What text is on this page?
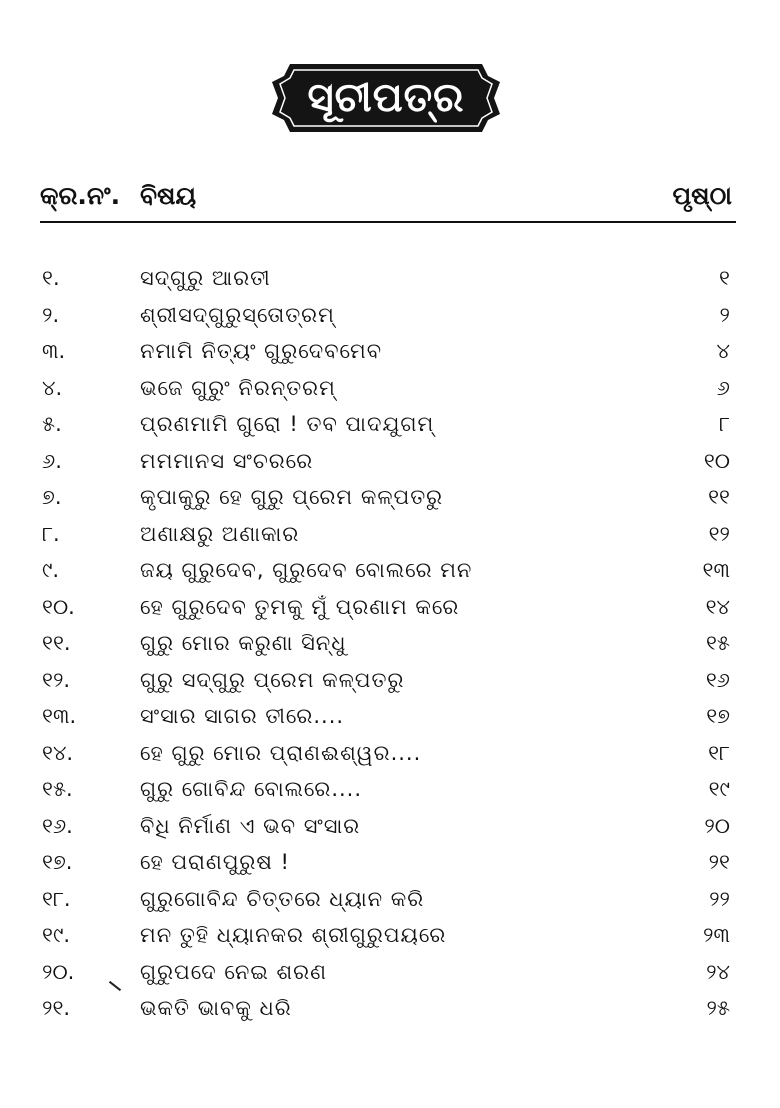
ସୂଚୀପତ୍ର
କ୍ର.ନଂ. ବିଷୟ	ପୃଷ୍ଠା
୧.	ସଦ୍‌ଗୁରୁ ଆରତୀ	୧
୨.	ଶ୍ରୀସଦ୍‌ଗୁରୁସ୍ତୋତ୍ରମ୍	୨
୩.	ନମାମି ନିତ୍ୟଂ ଗୁରୁଦେବମେବ	୪
୪.	ଭଜେ ଗୁରୁଂ ନିରନ୍ତରମ୍	୬
୫.	ପ୍ରଣମାମି ଗୁରୋ ! ତବ ପାଦଯୁଗମ୍	୮
୬.	ମମମାନସ ସଂଚରରେ	୧୦
୭.	କୃପାକୁରୁ ହେ ଗୁରୁ ପ୍ରେମ କଳ୍ପତରୁ	୧୧
୮.	ଅଣାକ୍ଷରୁ ଅଣାକାର	୧୨
୯.	ଜୟ ଗୁରୁଦେବ, ଗୁରୁଦେବ ବୋଲରେ ମନ	୧୩
୧୦.	ହେ ଗୁରୁଦେବ ତୁମକୁ ମୁଁ ପ୍ରଣାମ କରେ	୧୪
୧୧.	ଗୁରୁ ମୋର କରୁଣା ସିନ୍ଧୁ	୧୫
୧୨.	ଗୁରୁ ସଦ୍‌ଗୁରୁ ପ୍ରେମ କଳ୍ପତରୁ	୧୬
୧୩.	ସଂସାର ସାଗର ତୀରେ....	୧୭
୧୪.	ହେ ଗୁରୁ ମୋର ପ୍ରାଣଈଶ୍ୱର....	୧୮
୧୫.	ଗୁରୁ ଗୋବିନ୍ଦ ବୋଲରେ....	୧୯
୧୬.	ବିଧି ନିର୍ମାଣ ଏ ଭବ ସଂସାର	୨୦
୧୭.	ହେ ପରାଣପୁରୁଷ !	୨୧
୧୮.	ଗୁରୁଗୋବିନ୍ଦ ଚିତ୍ତରେ ଧ୍ୟାନ କରି	୨୨
୧୯.	ମନ ତୁହି ଧ୍ୟାନକର ଶ୍ରୀଗୁରୁପୟରେ	୨୩
୨୦.	ଗୁରୁପଦେ ନେଇ ଶରଣ	୨୪
୨୧.	ଭକତି ଭାବକୁ ଧରି	୨୫
